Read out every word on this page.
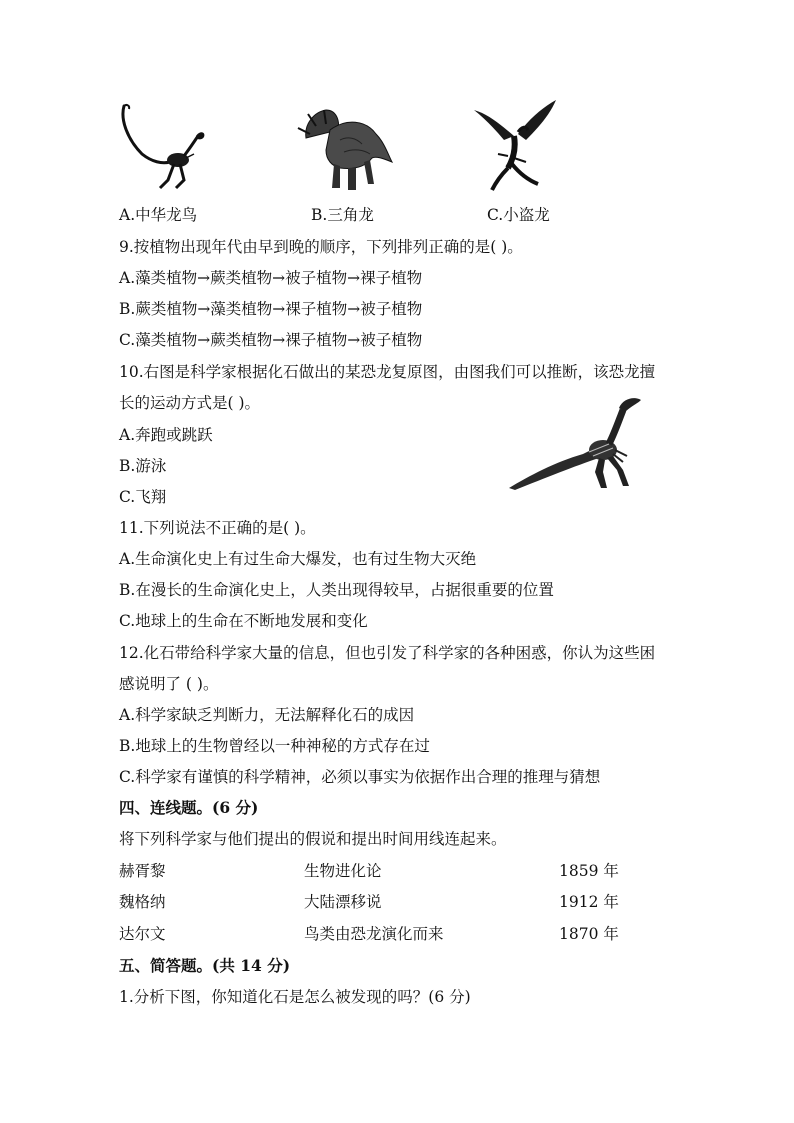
A.中华龙鸟	B.三角龙	C.小盗龙
9.按植物出现年代由早到晚的顺序，下列排列正确的是( )。
A.藻类植物→蕨类植物→被子植物→裸子植物
B.蕨类植物→藻类植物→裸子植物→被子植物
C.藻类植物→蕨类植物→裸子植物→被子植物
10.右图是科学家根据化石做出的某恐龙复原图，由图我们可以推断，该恐龙擅
长的运动方式是( )。
A.奔跑或跳跃
B.游泳
C.飞翔
11.下列说法不正确的是( )。
A.生命演化史上有过生命大爆发，也有过生物大灭绝
B.在漫长的生命演化史上，人类出现得较早，占据很重要的位置
C.地球上的生命在不断地发展和变化
12.化石带给科学家大量的信息，但也引发了科学家的各种困惑，你认为这些困
感说明了 ( )。
A.科学家缺乏判断力，无法解释化石的成因
B.地球上的生物曾经以一种神秘的方式存在过
C.科学家有谨慎的科学精神，必须以事实为依据作出合理的推理与猜想
四、连线题。(6 分)
将下列科学家与他们提出的假说和提出时间用线连起来。
赫胥黎	生物进化论	1859 年
魏格纳	大陆漂移说	1912 年
达尔文	鸟类由恐龙演化而来	1870 年
五、简答题。(共 14 分)
1.分析下图，你知道化石是怎么被发现的吗？(6 分)
